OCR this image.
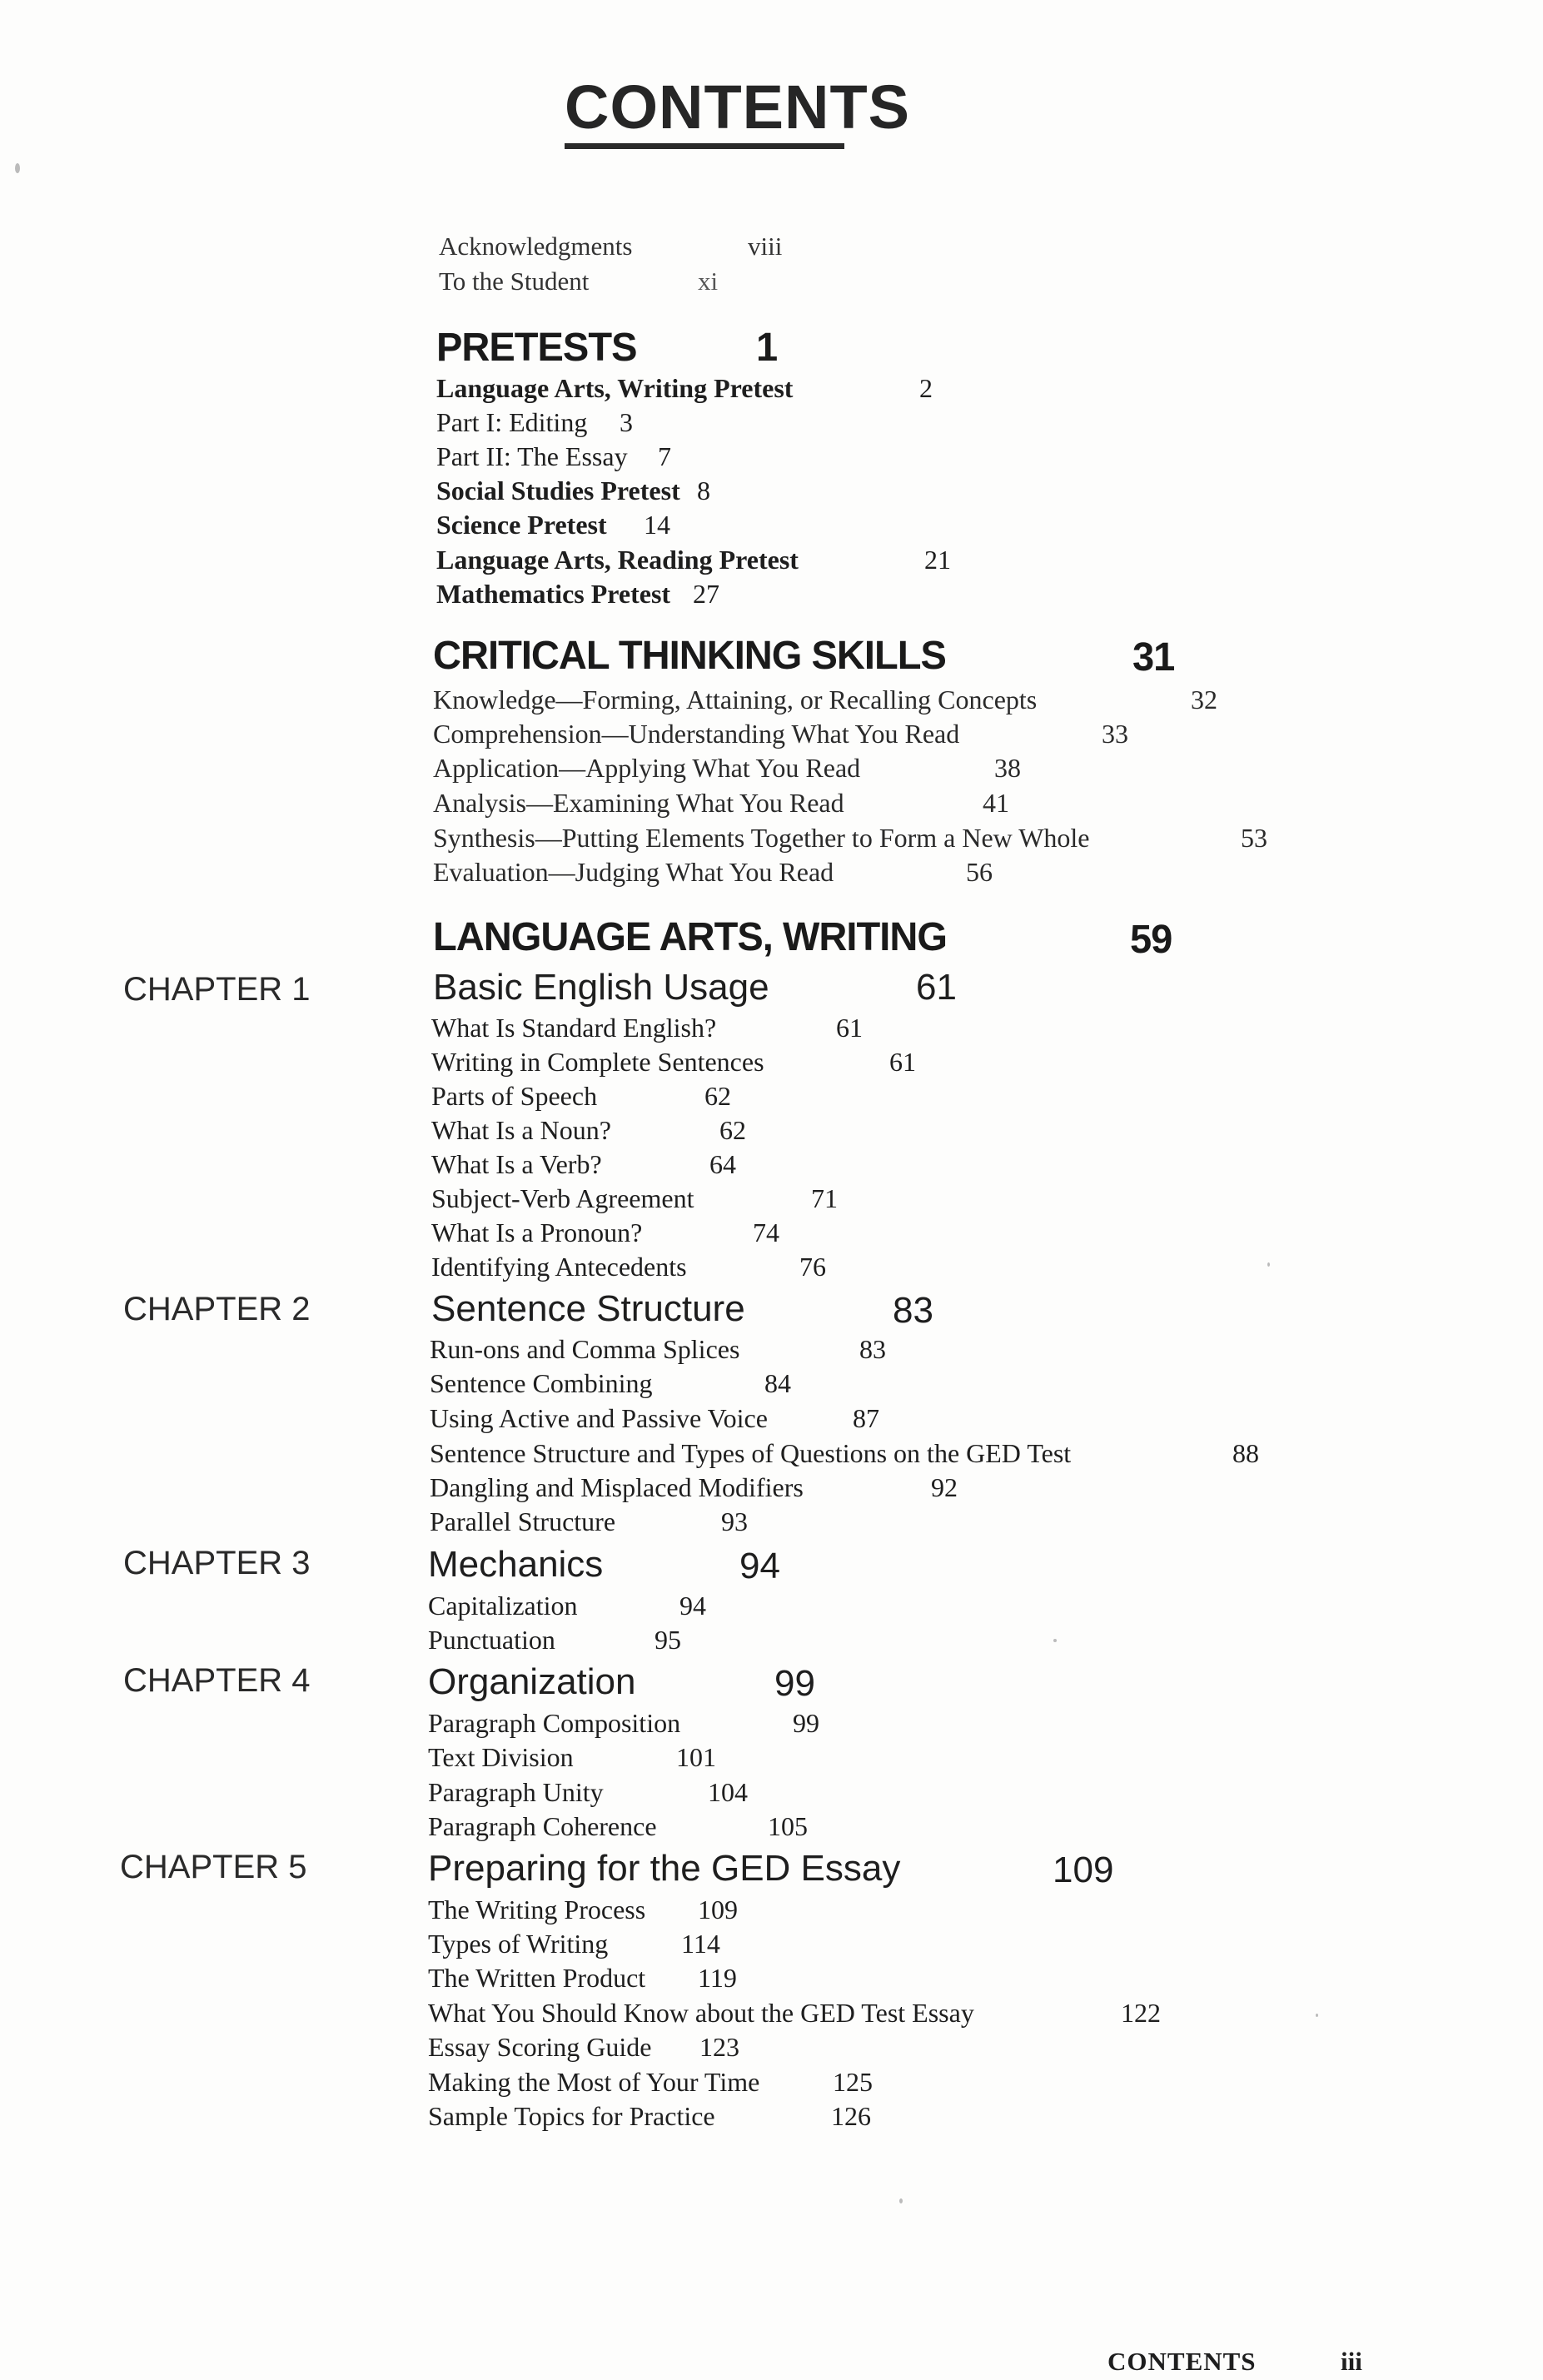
CONTENTS
Acknowledgments	viii
To the Student	xi
PRETESTS	1
Language Arts, Writing Pretest	2
Part I: Editing 3
Part II: The Essay 7
Social Studies Pretest 8
Science Pretest 14
Language Arts, Reading Pretest	21
Mathematics Pretest 27
CRITICAL THINKING SKILLS	31
Knowledge—Forming, Attaining, or Recalling Concepts	32
Comprehension—Understanding What You Read	33
Application—Applying What You Read	38
Analysis—Examining What You Read	41
Synthesis—Putting Elements Together to Form a New Whole	53
Evaluation—Judging What You Read	56
LANGUAGE ARTS, WRITING	59
CHAPTER 1	Basic English Usage	61
What Is Standard English?	61
Writing in Complete Sentences	61
Parts of Speech	62
What Is a Noun?	62
What Is a Verb?	64
Subject-Verb Agreement	71
What Is a Pronoun?	74
Identifying Antecedents	76
CHAPTER 2	Sentence Structure	83
Run-ons and Comma Splices	83
Sentence Combining	84
Using Active and Passive Voice	87
Sentence Structure and Types of Questions on the GED Test	88
Dangling and Misplaced Modifiers	92
Parallel Structure	93
CHAPTER 3	Mechanics	94
Capitalization	94
Punctuation	95
CHAPTER 4	Organization	99
Paragraph Composition	99
Text Division	101
Paragraph Unity	104
Paragraph Coherence	105
CHAPTER 5	Preparing for the GED Essay	109
The Writing Process 109
Types of Writing	114
The Written Product 119
What You Should Know about the GED Test Essay	122
Essay Scoring Guide 123
Making the Most of Your Time	125
Sample Topics for Practice	126
CONTENTS	iii
